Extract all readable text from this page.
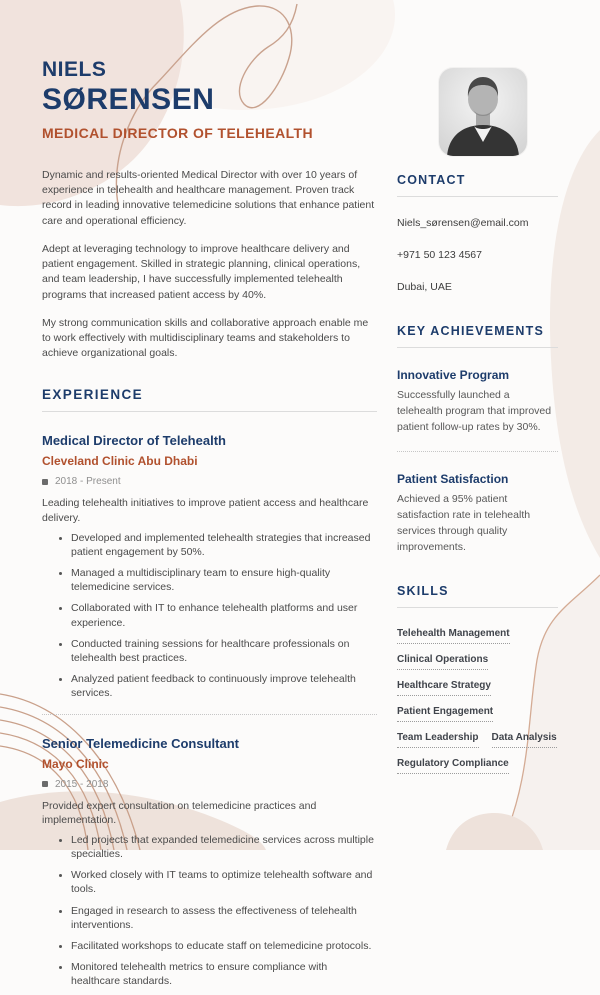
NIELS
SØRENSEN
MEDICAL DIRECTOR OF TELEHEALTH

Dynamic and results-oriented Medical Director with over 10 years of experience in telehealth and healthcare management. Proven track record in leading innovative telemedicine solutions that enhance patient care and operational efficiency.

Adept at leveraging technology to improve healthcare delivery and patient engagement. Skilled in strategic planning, clinical operations, and team leadership, I have successfully implemented telehealth programs that increased patient access by 40%.

My strong communication skills and collaborative approach enable me to work effectively with multidisciplinary teams and stakeholders to achieve organizational goals.

EXPERIENCE
Medical Director of Telehealth
Cleveland Clinic Abu Dhabi
2018 - Present
Leading telehealth initiatives to improve patient access and healthcare delivery.
• Developed and implemented telehealth strategies that increased patient engagement by 50%.
• Managed a multidisciplinary team to ensure high-quality telemedicine services.
• Collaborated with IT to enhance telehealth platforms and user experience.
• Conducted training sessions for healthcare professionals on telehealth best practices.
• Analyzed patient feedback to continuously improve telehealth services.
Senior Telemedicine Consultant
Mayo Clinic
2015 - 2018
Provided expert consultation on telemedicine practices and implementation.
• Led projects that expanded telemedicine services across multiple specialties.
• Worked closely with IT teams to optimize telehealth software and tools.
• Engaged in research to assess the effectiveness of telehealth interventions.
• Facilitated workshops to educate staff on telemedicine protocols.
• Monitored telehealth metrics to ensure compliance with healthcare standards.
CONTACT
Niels_sørensen@email.com
+971 50 123 4567
Dubai, UAE
KEY ACHIEVEMENTS
Innovative Program
Successfully launched a telehealth program that improved patient follow-up rates by 30%.
Patient Satisfaction
Achieved a 95% patient satisfaction rate in telehealth services through quality improvements.
SKILLS
Telehealth Management
Clinical Operations
Healthcare Strategy
Patient Engagement
Team Leadership Data Analysis
Regulatory Compliance
